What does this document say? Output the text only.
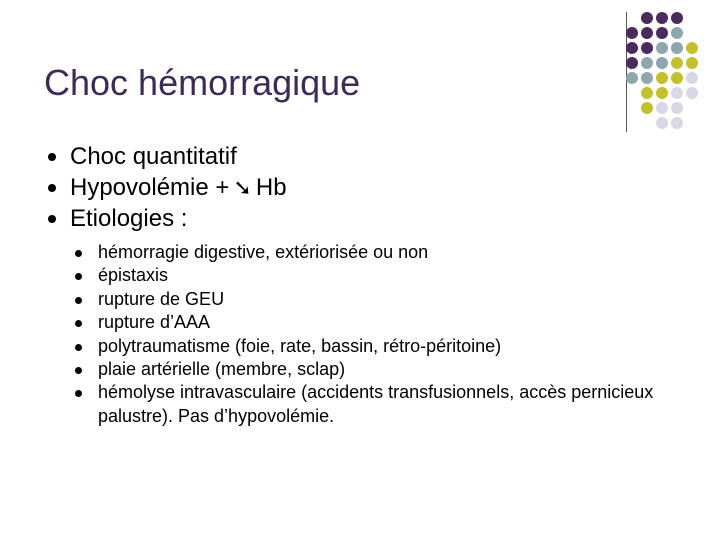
Choc hémorragique
Choc quantitatif
Hypovolémie + ➘ Hb
Etiologies :
hémorragie digestive, extériorisée ou non
épistaxis
rupture de GEU
rupture d’AAA
polytraumatisme (foie, rate, bassin, rétro-péritoine)
plaie artérielle (membre, sclap)
hémolyse intravasculaire (accidents transfusionnels, accès pernicieux palustre). Pas d’hypovolémie.
